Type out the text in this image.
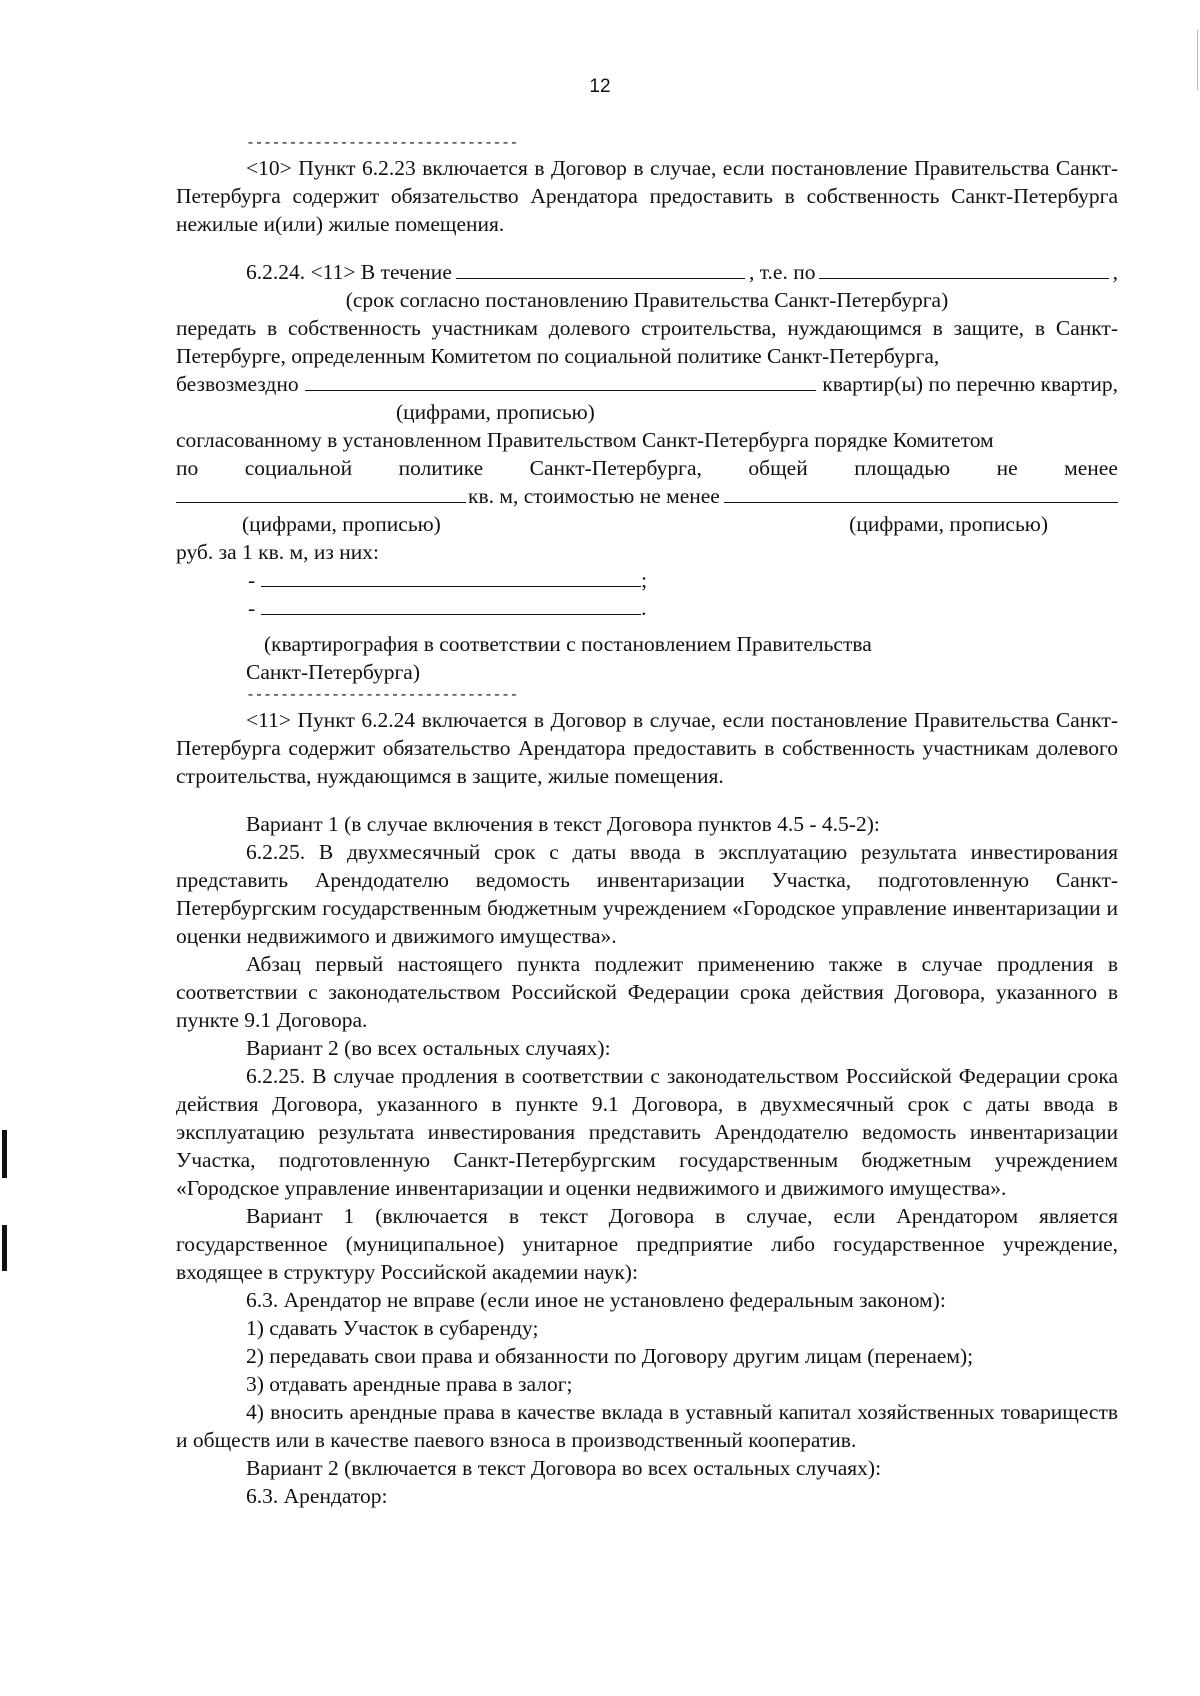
12
--------------------------------

<10> Пункт 6.2.23 включается в Договор в случае, если постановление Правительства Санкт-Петербурга содержит обязательство Арендатора предоставить в собственность Санкт-Петербурга нежилые и(или) жилые помещения.

6.2.24. <11> В течение	, т.е. по	,

(срок согласно постановлению Правительства Санкт-Петербурга)

передать в собственность участникам долевого строительства, нуждающимся в защите, в Санкт-Петербурге, определенным Комитетом по социальной политике Санкт-Петербурга,

безвозмездно	квартир(ы) по перечню квартир,

(цифрами, прописью)

согласованному в установленном Правительством Санкт-Петербурга порядке Комитетом

по социальной политике Санкт-Петербурга, общей площадью не менее
кв. м, стоимостью не менее
(цифрами, прописью)	(цифрами, прописью)

руб. за 1 кв. м, из них:

-	;
-	.

(квартирография в соответствии с постановлением Правительства

Санкт-Петербурга)

--------------------------------

<11> Пункт 6.2.24 включается в Договор в случае, если постановление Правительства Санкт-Петербурга содержит обязательство Арендатора предоставить в собственность участникам долевого строительства, нуждающимся в защите, жилые помещения.

Вариант 1 (в случае включения в текст Договора пунктов 4.5 - 4.5-2):

6.2.25. В двухмесячный срок с даты ввода в эксплуатацию результата инвестирования представить Арендодателю ведомость инвентаризации Участка, подготовленную Санкт-Петербургским государственным бюджетным учреждением «Городское управление инвентаризации и оценки недвижимого и движимого имущества».

Абзац первый настоящего пункта подлежит применению также в случае продления в соответствии с законодательством Российской Федерации срока действия Договора, указанного в пункте 9.1 Договора.

Вариант 2 (во всех остальных случаях):

6.2.25. В случае продления в соответствии с законодательством Российской Федерации срока действия Договора, указанного в пункте 9.1 Договора, в двухмесячный срок с даты ввода в эксплуатацию результата инвестирования представить Арендодателю ведомость инвентаризации Участка, подготовленную Санкт-Петербургским государственным бюджетным учреждением «Городское управление инвентаризации и оценки недвижимого и движимого имущества».

Вариант 1 (включается в текст Договора в случае, если Арендатором является государственное (муниципальное) унитарное предприятие либо государственное учреждение, входящее в структуру Российской академии наук):

6.3. Арендатор не вправе (если иное не установлено федеральным законом):

1) сдавать Участок в субаренду;

2) передавать свои права и обязанности по Договору другим лицам (перенаем);

3) отдавать арендные права в залог;

4) вносить арендные права в качестве вклада в уставный капитал хозяйственных товариществ и обществ или в качестве паевого взноса в производственный кооператив.

Вариант 2 (включается в текст Договора во всех остальных случаях):

6.3. Арендатор:
